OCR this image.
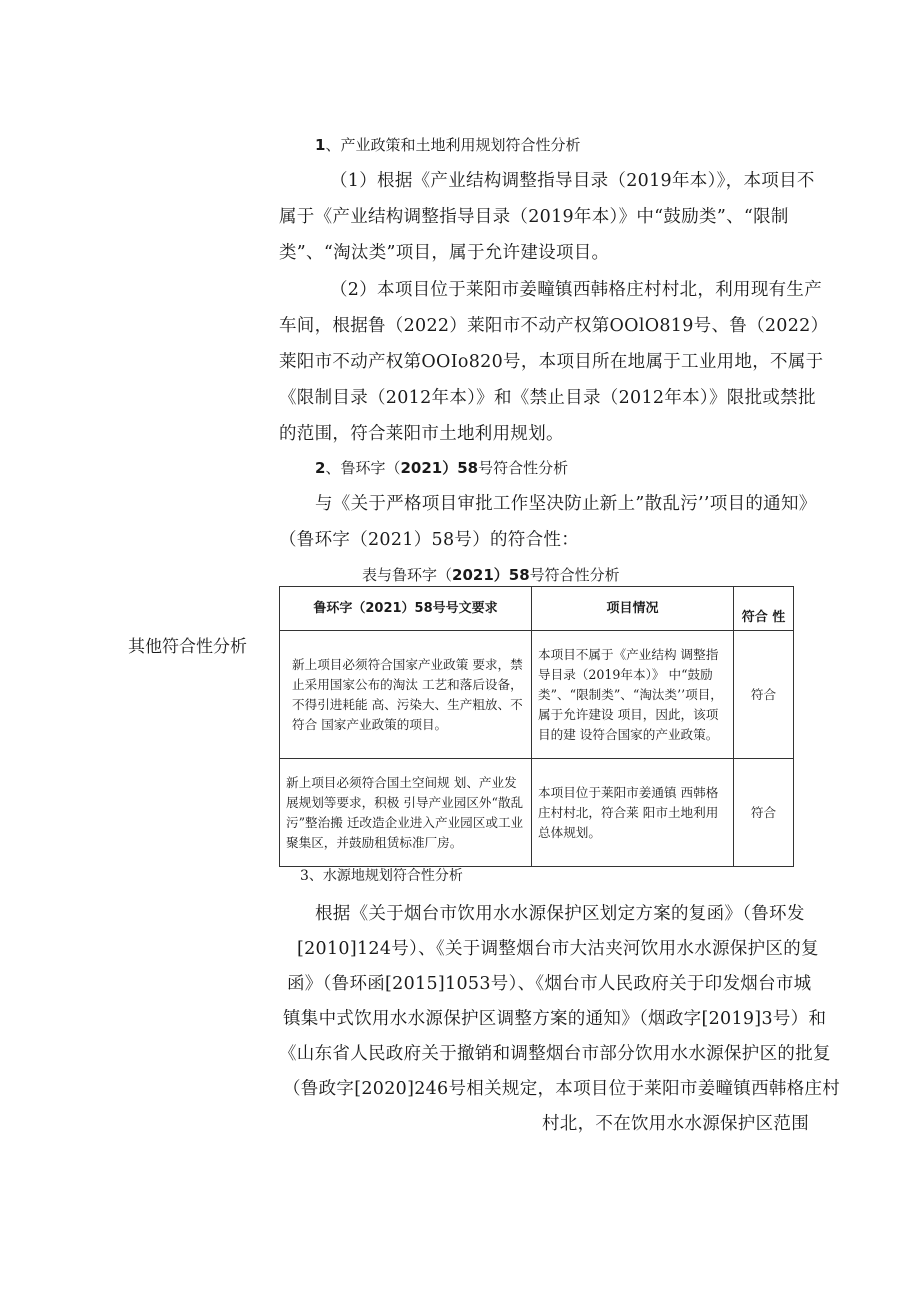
1、产业政策和土地利用规划符合性分析
（1）根据《产业结构调整指导目录（2019年本）》，本项目不
属于《产业结构调整指导目录（2019年本）》中“鼓励类”、“限制
类”、“淘汰类”项目，属于允许建设项目。
（2）本项目位于莱阳市姜疃镇西韩格庄村村北，利用现有生产
车间，根据鲁（2022）莱阳市不动产权第OOlO819号、鲁（2022）
莱阳市不动产权第OOIo820号，本项目所在地属于工业用地，不属于
《限制目录（2012年本）》和《禁止目录（2012年本）》限批或禁批
的范围，符合莱阳市土地利用规划。
2、鲁环字（2021）58号符合性分析
与《关于严格项目审批工作坚决防止新上”散乱污’’项目的通知》
（鲁环字（2021）58号）的符合性：
其他符合性分析
表与鲁环字（2021）58号符合性分析
鲁环字（2021）58号号文要求	项目情况	符合 性
新上项目必须符合国家产业政策 要求，禁止采用国家公布的淘汰 工艺和落后设备，不得引进耗能 高、污染大、生产粗放、不符合 国家产业政策的项目。	本项目不属于《产业结构 调整指导目录（2019年本）》 中“鼓励类”、“限制类”、“淘汰类’’项目，属于允许建设 项目，因此，该项目的建 设符合国家的产业政策。	符合
新上项目必须符合国土空间规 划、产业发展规划等要求，积极 引导产业园区外“散乱污”整治搬 迁改造企业进入产业园区或工业 聚集区，并鼓励租赁标准厂房。	本项目位于莱阳市姜通镇 西韩格庄村村北，符合莱 阳市土地利用总体规划。	符合
3、水源地规划符合性分析
根据《关于烟台市饮用水水源保护区划定方案的复函》（鲁环发
[2010]124号）、《关于调整烟台市大沽夹河饮用水水源保护区的复
函》（鲁环函[2015]1053号）、《烟台市人民政府关于印发烟台市城
镇集中式饮用水水源保护区调整方案的通知》（烟政字[2019]3号）和
《山东省人民政府关于撤销和调整烟台市部分饮用水水源保护区的批复
（鲁政字[2020]246号相关规定，本项目位于莱阳市姜疃镇西韩格庄村
村北，不在饮用水水源保护区范围
